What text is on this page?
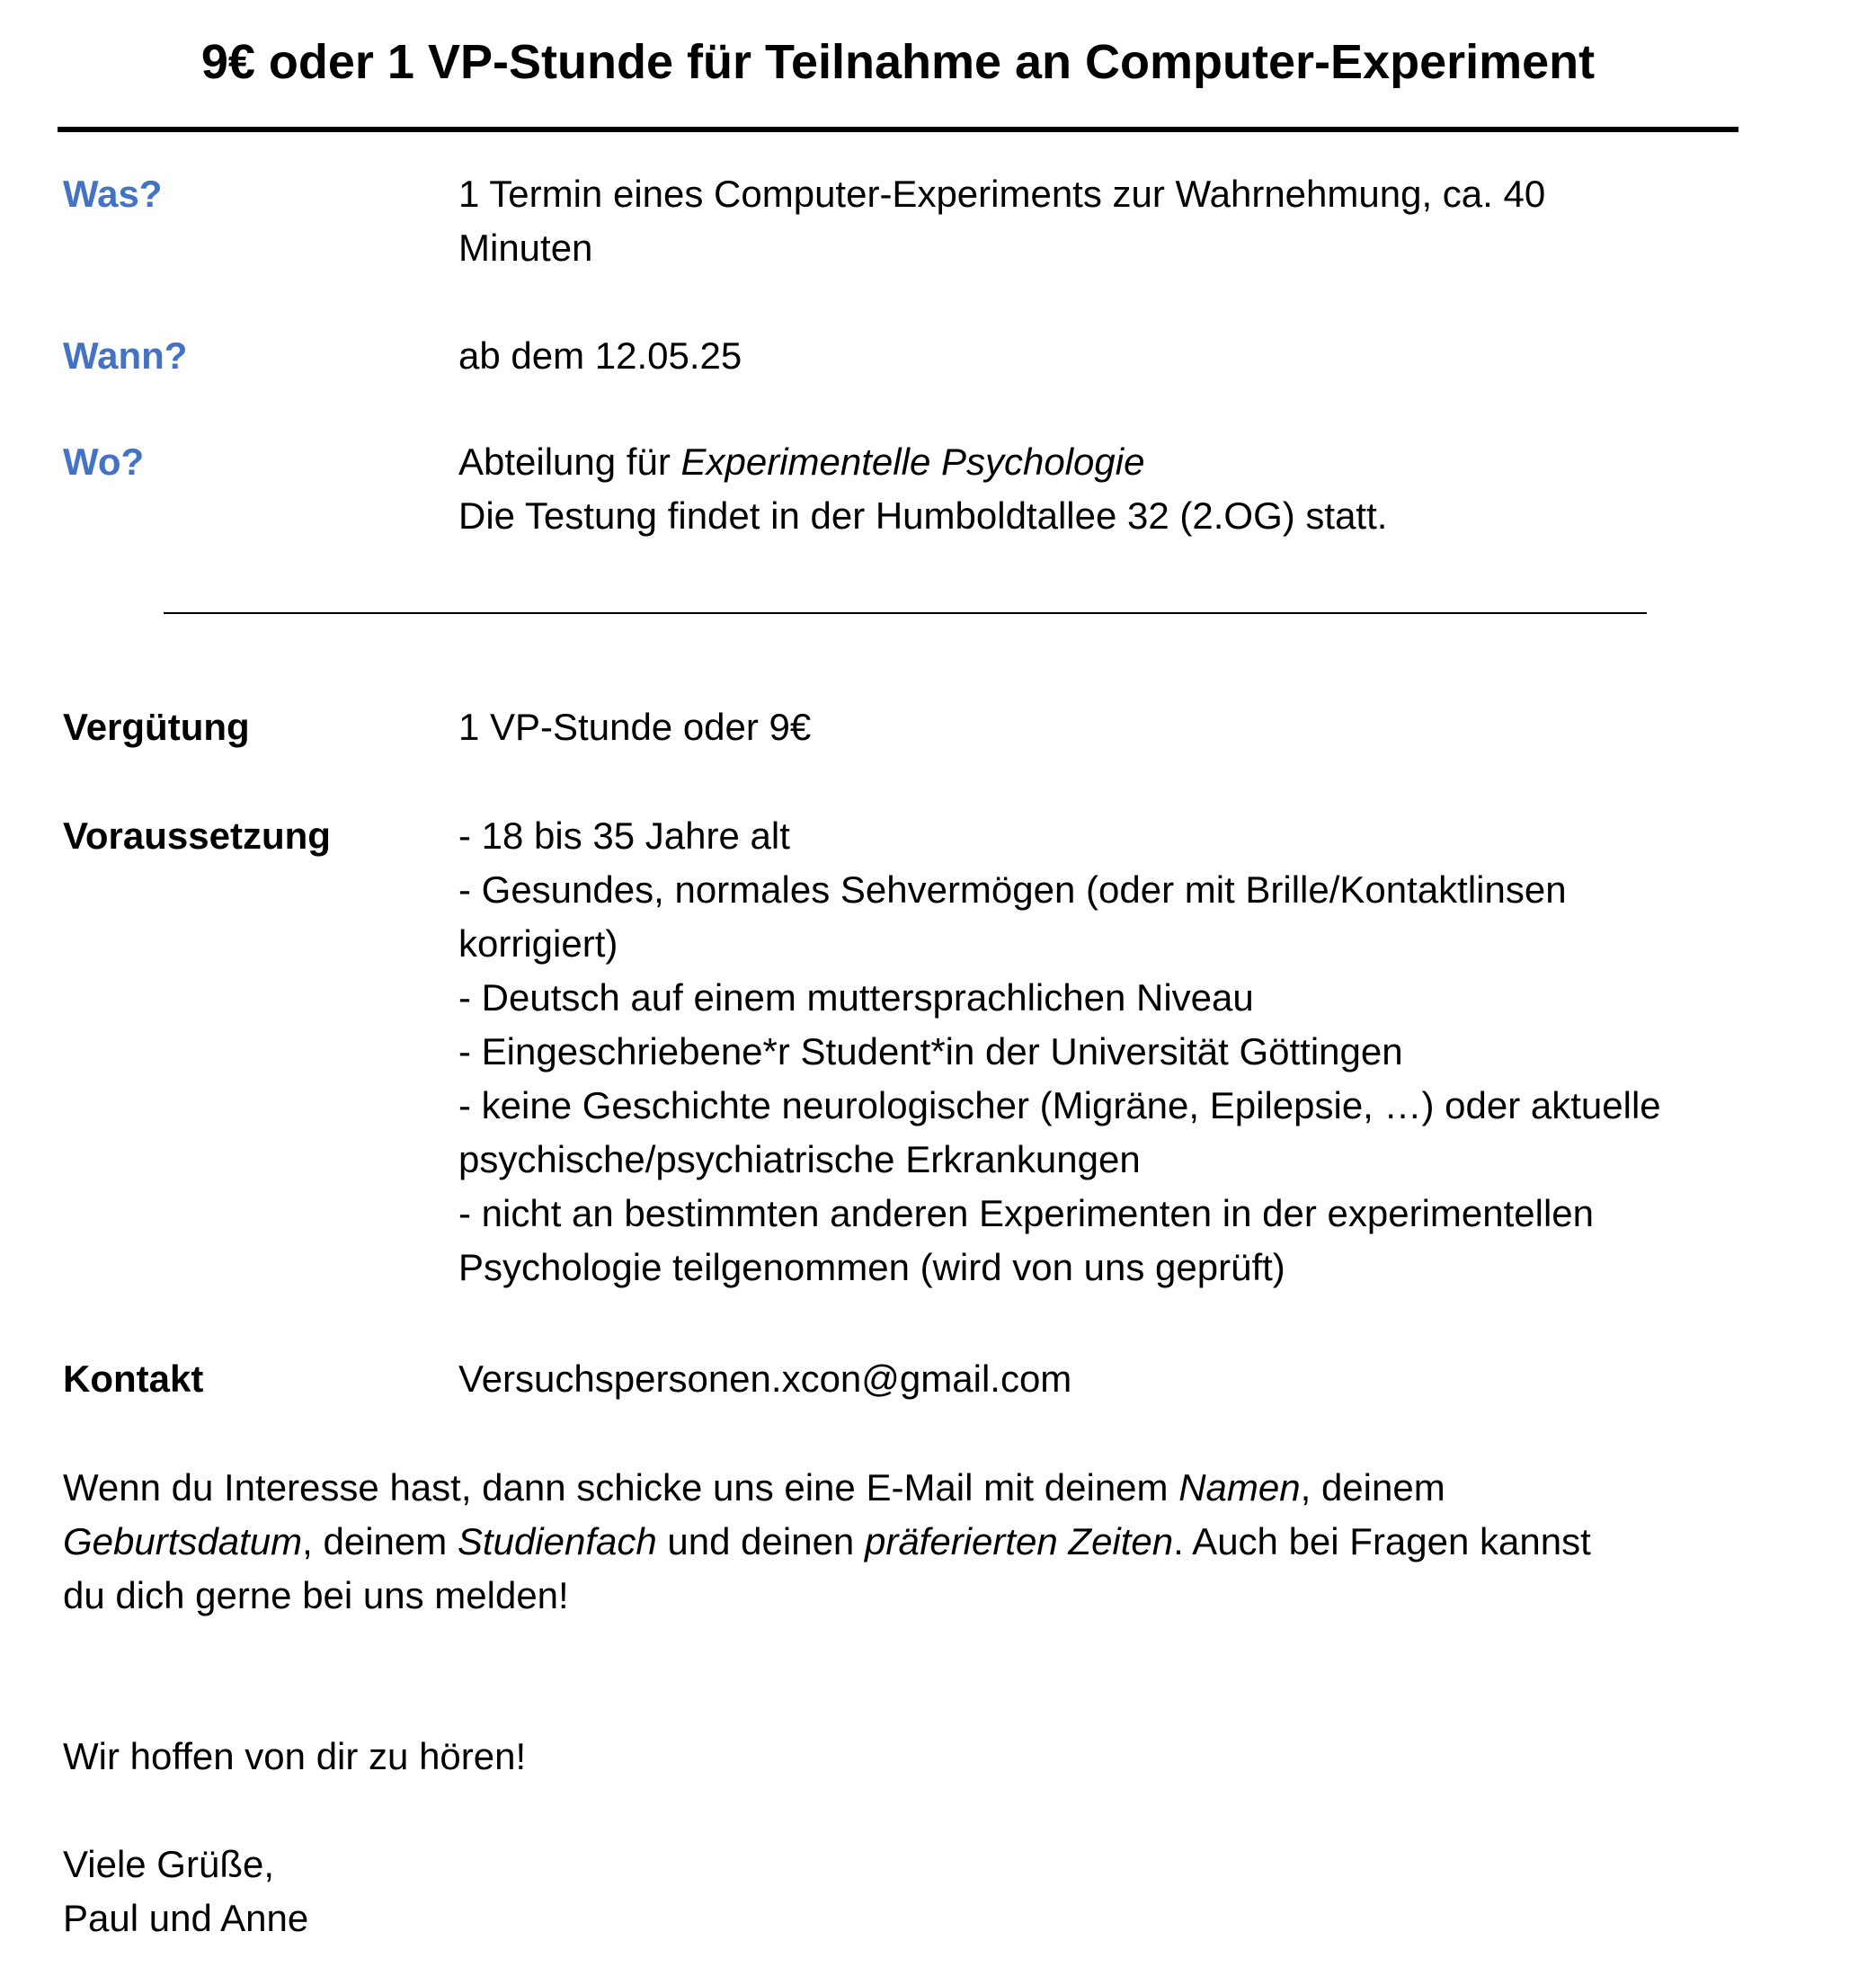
9€ oder 1 VP-Stunde für Teilnahme an Computer-Experiment
Was?	1 Termin eines Computer-Experiments zur Wahrnehmung, ca. 40
Minuten
Wann?	ab dem 12.05.25
Wo?	Abteilung für Experimentelle Psychologie
Die Testung findet in der Humboldtallee 32 (2.OG) statt.
Vergütung	1 VP-Stunde oder 9€
Voraussetzung	- 18 bis 35 Jahre alt
- Gesundes, normales Sehvermögen (oder mit Brille/Kontaktlinsen
korrigiert)
- Deutsch auf einem muttersprachlichen Niveau
- Eingeschriebene*r Student*in der Universität Göttingen
- keine Geschichte neurologischer (Migräne, Epilepsie, …) oder aktuelle
psychische/psychiatrische Erkrankungen
- nicht an bestimmten anderen Experimenten in der experimentellen
Psychologie teilgenommen (wird von uns geprüft)
Kontakt	Versuchspersonen.xcon@gmail.com
Wenn du Interesse hast, dann schicke uns eine E-Mail mit deinem Namen, deinem
Geburtsdatum, deinem Studienfach und deinen präferierten Zeiten. Auch bei Fragen kannst
du dich gerne bei uns melden!
Wir hoffen von dir zu hören!
Viele Grüße,
Paul und Anne
